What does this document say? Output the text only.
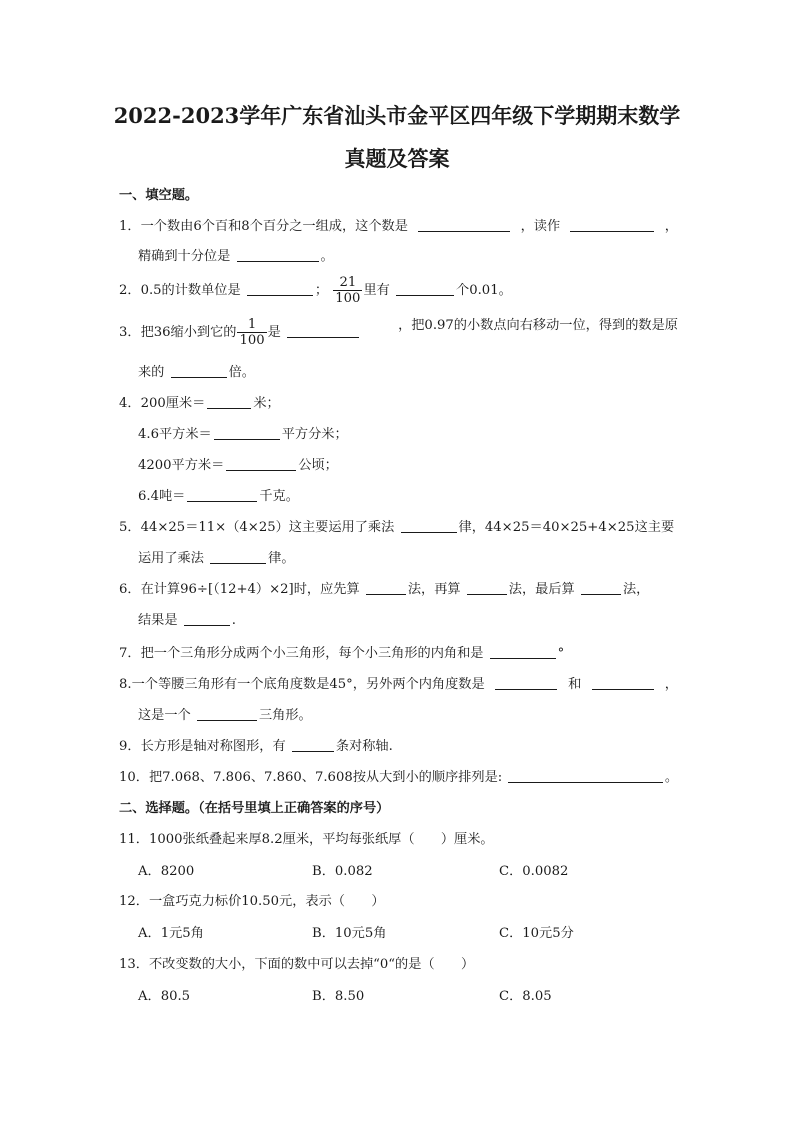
2022-2023学年广东省汕头市金平区四年级下学期期末数学
真题及答案
一、填空题。
1．一个数由6个百和8个百分之一组成，这个数是	，读作	，
精确到十分位是	。
2．0.5的计数单位是	； $\frac{21}{100}$ 里有	个0.01。
3．把36缩小到它的 $\frac{1}{100}$ 是	，把0.97的小数点向右移动一位，得到的数是原
来的	倍。
4．200厘米＝	米；
4.6平方米＝	平方分米；
4200平方米＝	公顷；
6.4吨＝	千克。
5．44×25＝11×（4×25）这主要运用了乘法	律，44×25＝40×25+4×25这主要
运用了乘法	律。
6．在计算96÷[（12+4）×2]时，应先算	法，再算	法，最后算	法，
结果是	.
7．把一个三角形分成两个小三角形，每个小三角形的内角和是	°
8.一个等腰三角形有一个底角度数是45°，另外两个内角度数是	和	，
这是一个	三角形。
9．长方形是轴对称图形，有	条对称轴.
10．把7.068、7.806、7.860、7.608按从大到小的顺序排列是:	。
二、选择题。（在括号里填上正确答案的序号）
11．1000张纸叠起来厚8.2厘米，平均每张纸厚（　　）厘米。
A．8200	B．0.082	C．0.0082
12．一盒巧克力标价10.50元，表示（　　）
A．1元5角	B．10元5角	C．10元5分
13．不改变数的大小，下面的数中可以去掉“0“的是（　　）
A．80.5	B．8.50	C．8.05
